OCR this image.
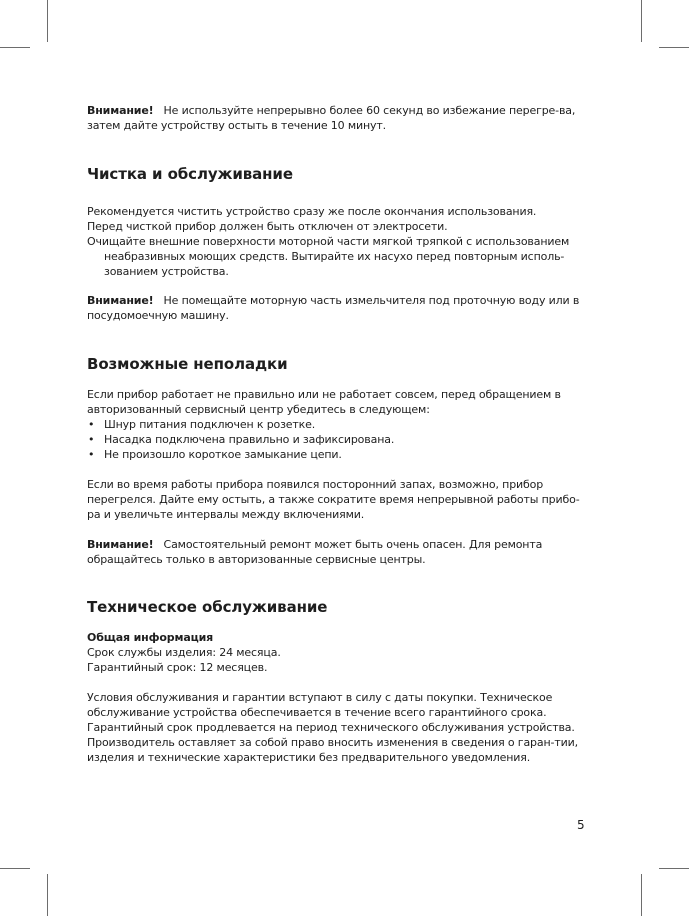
Внимание! Не используйте непрерывно более 60 секунд во избежание перегре-ва, затем дайте устройству остыть в течение 10 минут.

Чистка и обслуживание

Рекомендуется чистить устройство сразу же после окончания использования.

Перед чисткой прибор должен быть отключен от электросети.

Очищайте внешние поверхности моторной части мягкой тряпкой с использованием неабразивных моющих средств. Вытирайте их насухо перед повторным исполь-зованием устройства.

Внимание! Не помещайте моторную часть измельчителя под проточную воду или в посудомоечную машину.

Возможные неполадки

Если прибор работает не правильно или не работает совсем, перед обращением в авторизованный сервисный центр убедитесь в следующем:

• Шнур питания подключен к розетке.
• Насадка подключена правильно и зафиксирована.
• Не произошло короткое замыкание цепи.

Если во время работы прибора появился посторонний запах, возможно, прибор перегрелся. Дайте ему остыть, а также сократите время непрерывной работы прибо-ра и увеличьте интервалы между включениями.

Внимание! Самостоятельный ремонт может быть очень опасен. Для ремонта обращайтесь только в авторизованные сервисные центры.

Техническое обслуживание

Общая информация

Срок службы изделия: 24 месяца.

Гарантийный срок: 12 месяцев.

Условия обслуживания и гарантии вступают в силу с даты покупки. Техническое обслуживание устройства обеспечивается в течение всего гарантийного срока. Гарантийный срок продлевается на период технического обслуживания устройства. Производитель оставляет за собой право вносить изменения в сведения о гаран-тии, изделия и технические характеристики без предварительного уведомления.

5
